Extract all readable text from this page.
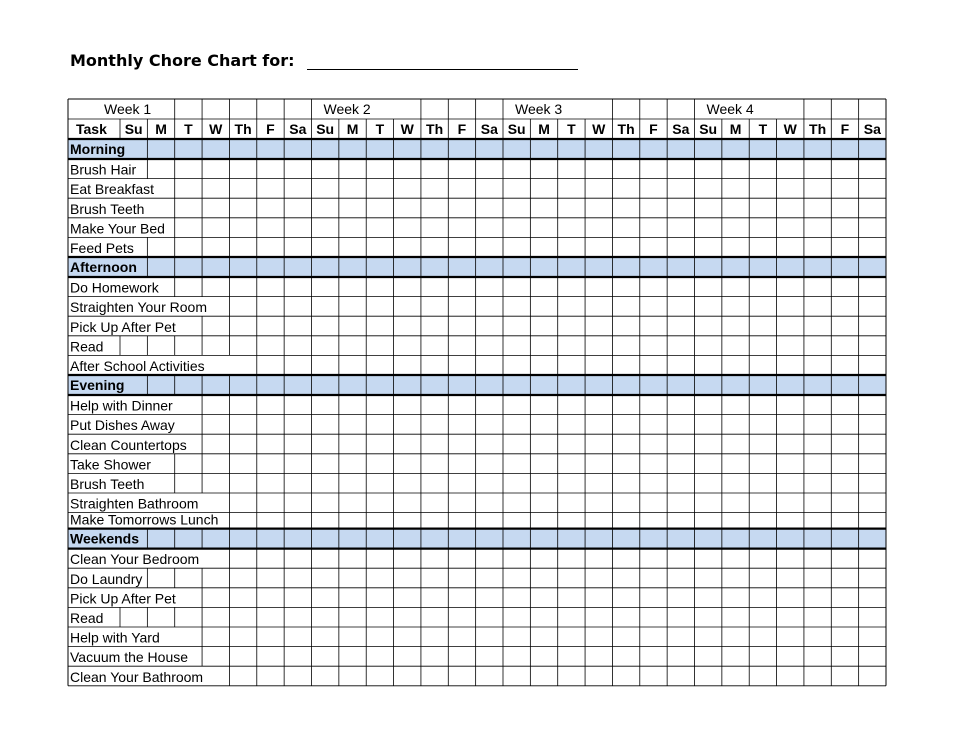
Monthly Chore Chart for:
Week 1	Week 2	Week 3	Week 4
Task Su M T W Th F Sa Su M T W Th F Sa Su M T W Th F Sa Su M T W Th F Sa
Morning
Brush Hair
Eat Breakfast
Brush Teeth
Make Your Bed
Feed Pets
Afternoon
Do Homework
Straighten Your Room
Pick Up After Pet
Read
After School Activities
Evening
Help with Dinner
Put Dishes Away
Clean Countertops
Take Shower
Brush Teeth
Straighten Bathroom
Make Tomorrows Lunch
Weekends
Clean Your Bedroom
Do Laundry
Pick Up After Pet
Read
Help with Yard
Vacuum the House
Clean Your Bathroom
